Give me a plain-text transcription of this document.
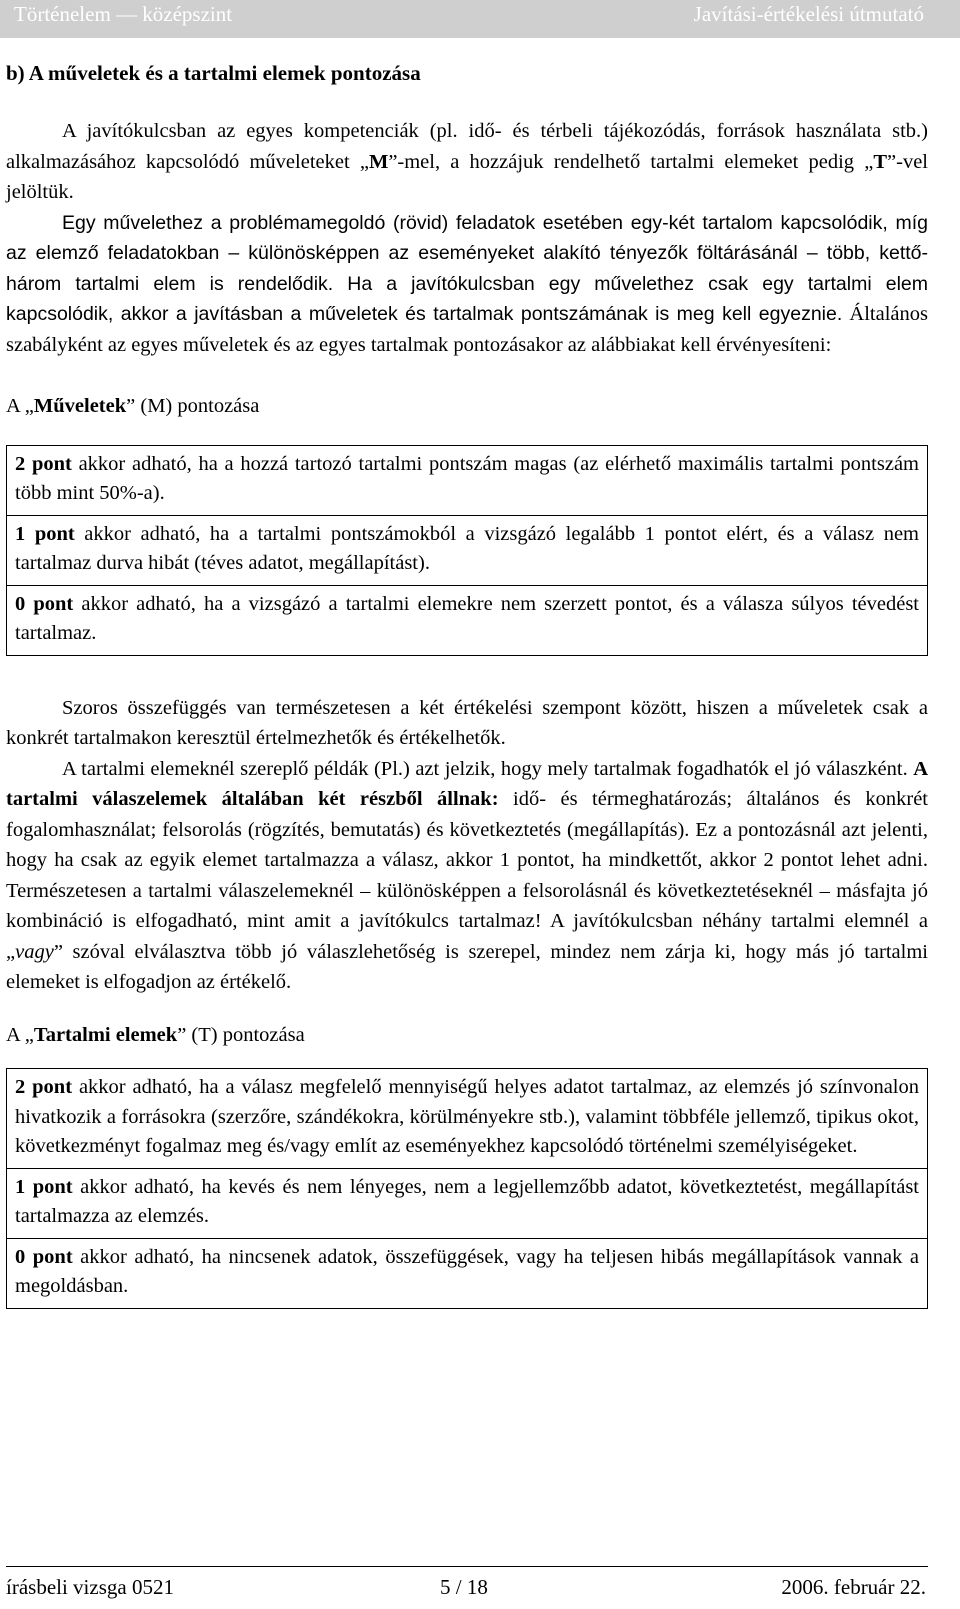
Történelem — középszint	Javítási-értékelési útmutató
b) A műveletek és a tartalmi elemek pontozása

A javítókulcsban az egyes kompetenciák (pl. idő- és térbeli tájékozódás, források használata stb.) alkalmazásához kapcsolódó műveleteket „M”-mel, a hozzájuk rendelhető tartalmi elemeket pedig „T”-vel jelöltük.

Egy művelethez a problémamegoldó (rövid) feladatok esetében egy-két tartalom kapcsolódik, míg az elemző feladatokban – különösképpen az eseményeket alakító tényezők föltárásánál – több, kettő-három tartalmi elem is rendelődik. Ha a javítókulcsban egy művelethez csak egy tartalmi elem kapcsolódik, akkor a javításban a műveletek és tartalmak pontszámának is meg kell egyeznie. Általános szabályként az egyes műveletek és az egyes tartalmak pontozásakor az alábbiakat kell érvényesíteni:

A „Műveletek” (M) pontozása

2 pont akkor adható, ha a hozzá tartozó tartalmi pontszám magas (az elérhető maximális tartalmi pontszám több mint 50%-a).
1 pont akkor adható, ha a tartalmi pontszámokból a vizsgázó legalább 1 pontot elért, és a válasz nem tartalmaz durva hibát (téves adatot, megállapítást).
0 pont akkor adható, ha a vizsgázó a tartalmi elemekre nem szerzett pontot, és a válasza súlyos tévedést tartalmaz.

Szoros összefüggés van természetesen a két értékelési szempont között, hiszen a műveletek csak a konkrét tartalmakon keresztül értelmezhetők és értékelhetők.

A tartalmi elemeknél szereplő példák (Pl.) azt jelzik, hogy mely tartalmak fogadhatók el jó válaszként. A tartalmi válaszelemek általában két részből állnak: idő- és térmeghatározás; általános és konkrét fogalomhasználat; felsorolás (rögzítés, bemutatás) és következtetés (megállapítás). Ez a pontozásnál azt jelenti, hogy ha csak az egyik elemet tartalmazza a válasz, akkor 1 pontot, ha mindkettőt, akkor 2 pontot lehet adni. Természetesen a tartalmi válaszelemeknél – különösképpen a felsorolásnál és következtetéseknél – másfajta jó kombináció is elfogadható, mint amit a javítókulcs tartalmaz! A javítókulcsban néhány tartalmi elemnél a „vagy” szóval elválasztva több jó válaszlehetőség is szerepel, mindez nem zárja ki, hogy más jó tartalmi elemeket is elfogadjon az értékelő.

A „Tartalmi elemek” (T) pontozása

2 pont akkor adható, ha a válasz megfelelő mennyiségű helyes adatot tartalmaz, az elemzés jó színvonalon hivatkozik a forrásokra (szerzőre, szándékokra, körülményekre stb.), valamint többféle jellemző, tipikus okot, következményt fogalmaz meg és/vagy említ az eseményekhez kapcsolódó történelmi személyiségeket.
1 pont akkor adható, ha kevés és nem lényeges, nem a legjellemzőbb adatot, következtetést, megállapítást tartalmazza az elemzés.
0 pont akkor adható, ha nincsenek adatok, összefüggések, vagy ha teljesen hibás megállapítások vannak a megoldásban.
írásbeli vizsga 0521	5 / 18	2006. február 22.
